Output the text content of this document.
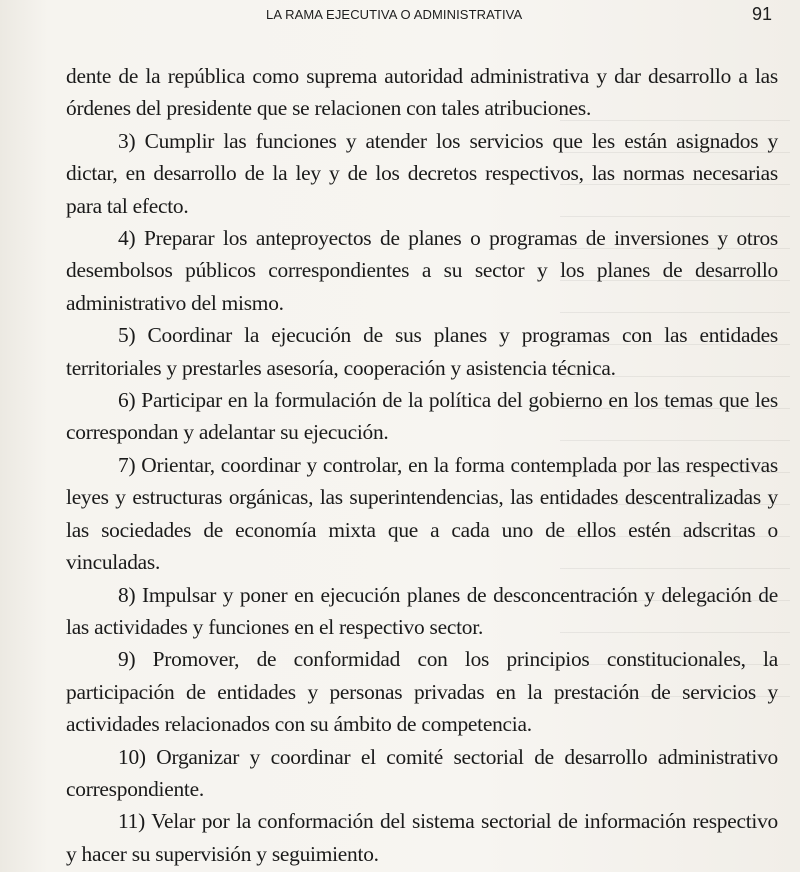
LA RAMA EJECUTIVA O ADMINISTRATIVA	91

dente de la república como suprema autoridad administrativa y dar desarrollo a las órdenes del presidente que se relacionen con tales atribuciones.

3) Cumplir las funciones y atender los servicios que les están asignados y dictar, en desarrollo de la ley y de los decretos respectivos, las normas necesarias para tal efecto.

4) Preparar los anteproyectos de planes o programas de inversiones y otros desembolsos públicos correspondientes a su sector y los planes de desarrollo administrativo del mismo.

5) Coordinar la ejecución de sus planes y programas con las entidades territoriales y prestarles asesoría, cooperación y asistencia técnica.

6) Participar en la formulación de la política del gobierno en los temas que les correspondan y adelantar su ejecución.

7) Orientar, coordinar y controlar, en la forma contemplada por las respectivas leyes y estructuras orgánicas, las superintendencias, las entidades descentralizadas y las sociedades de economía mixta que a cada uno de ellos estén adscritas o vinculadas.

8) Impulsar y poner en ejecución planes de desconcentración y delegación de las actividades y funciones en el respectivo sector.

9) Promover, de conformidad con los principios constitucionales, la participación de entidades y personas privadas en la prestación de servicios y actividades relacionados con su ámbito de competencia.

10) Organizar y coordinar el comité sectorial de desarrollo administrativo correspondiente.

11) Velar por la conformación del sistema sectorial de información respectivo y hacer su supervisión y seguimiento.
